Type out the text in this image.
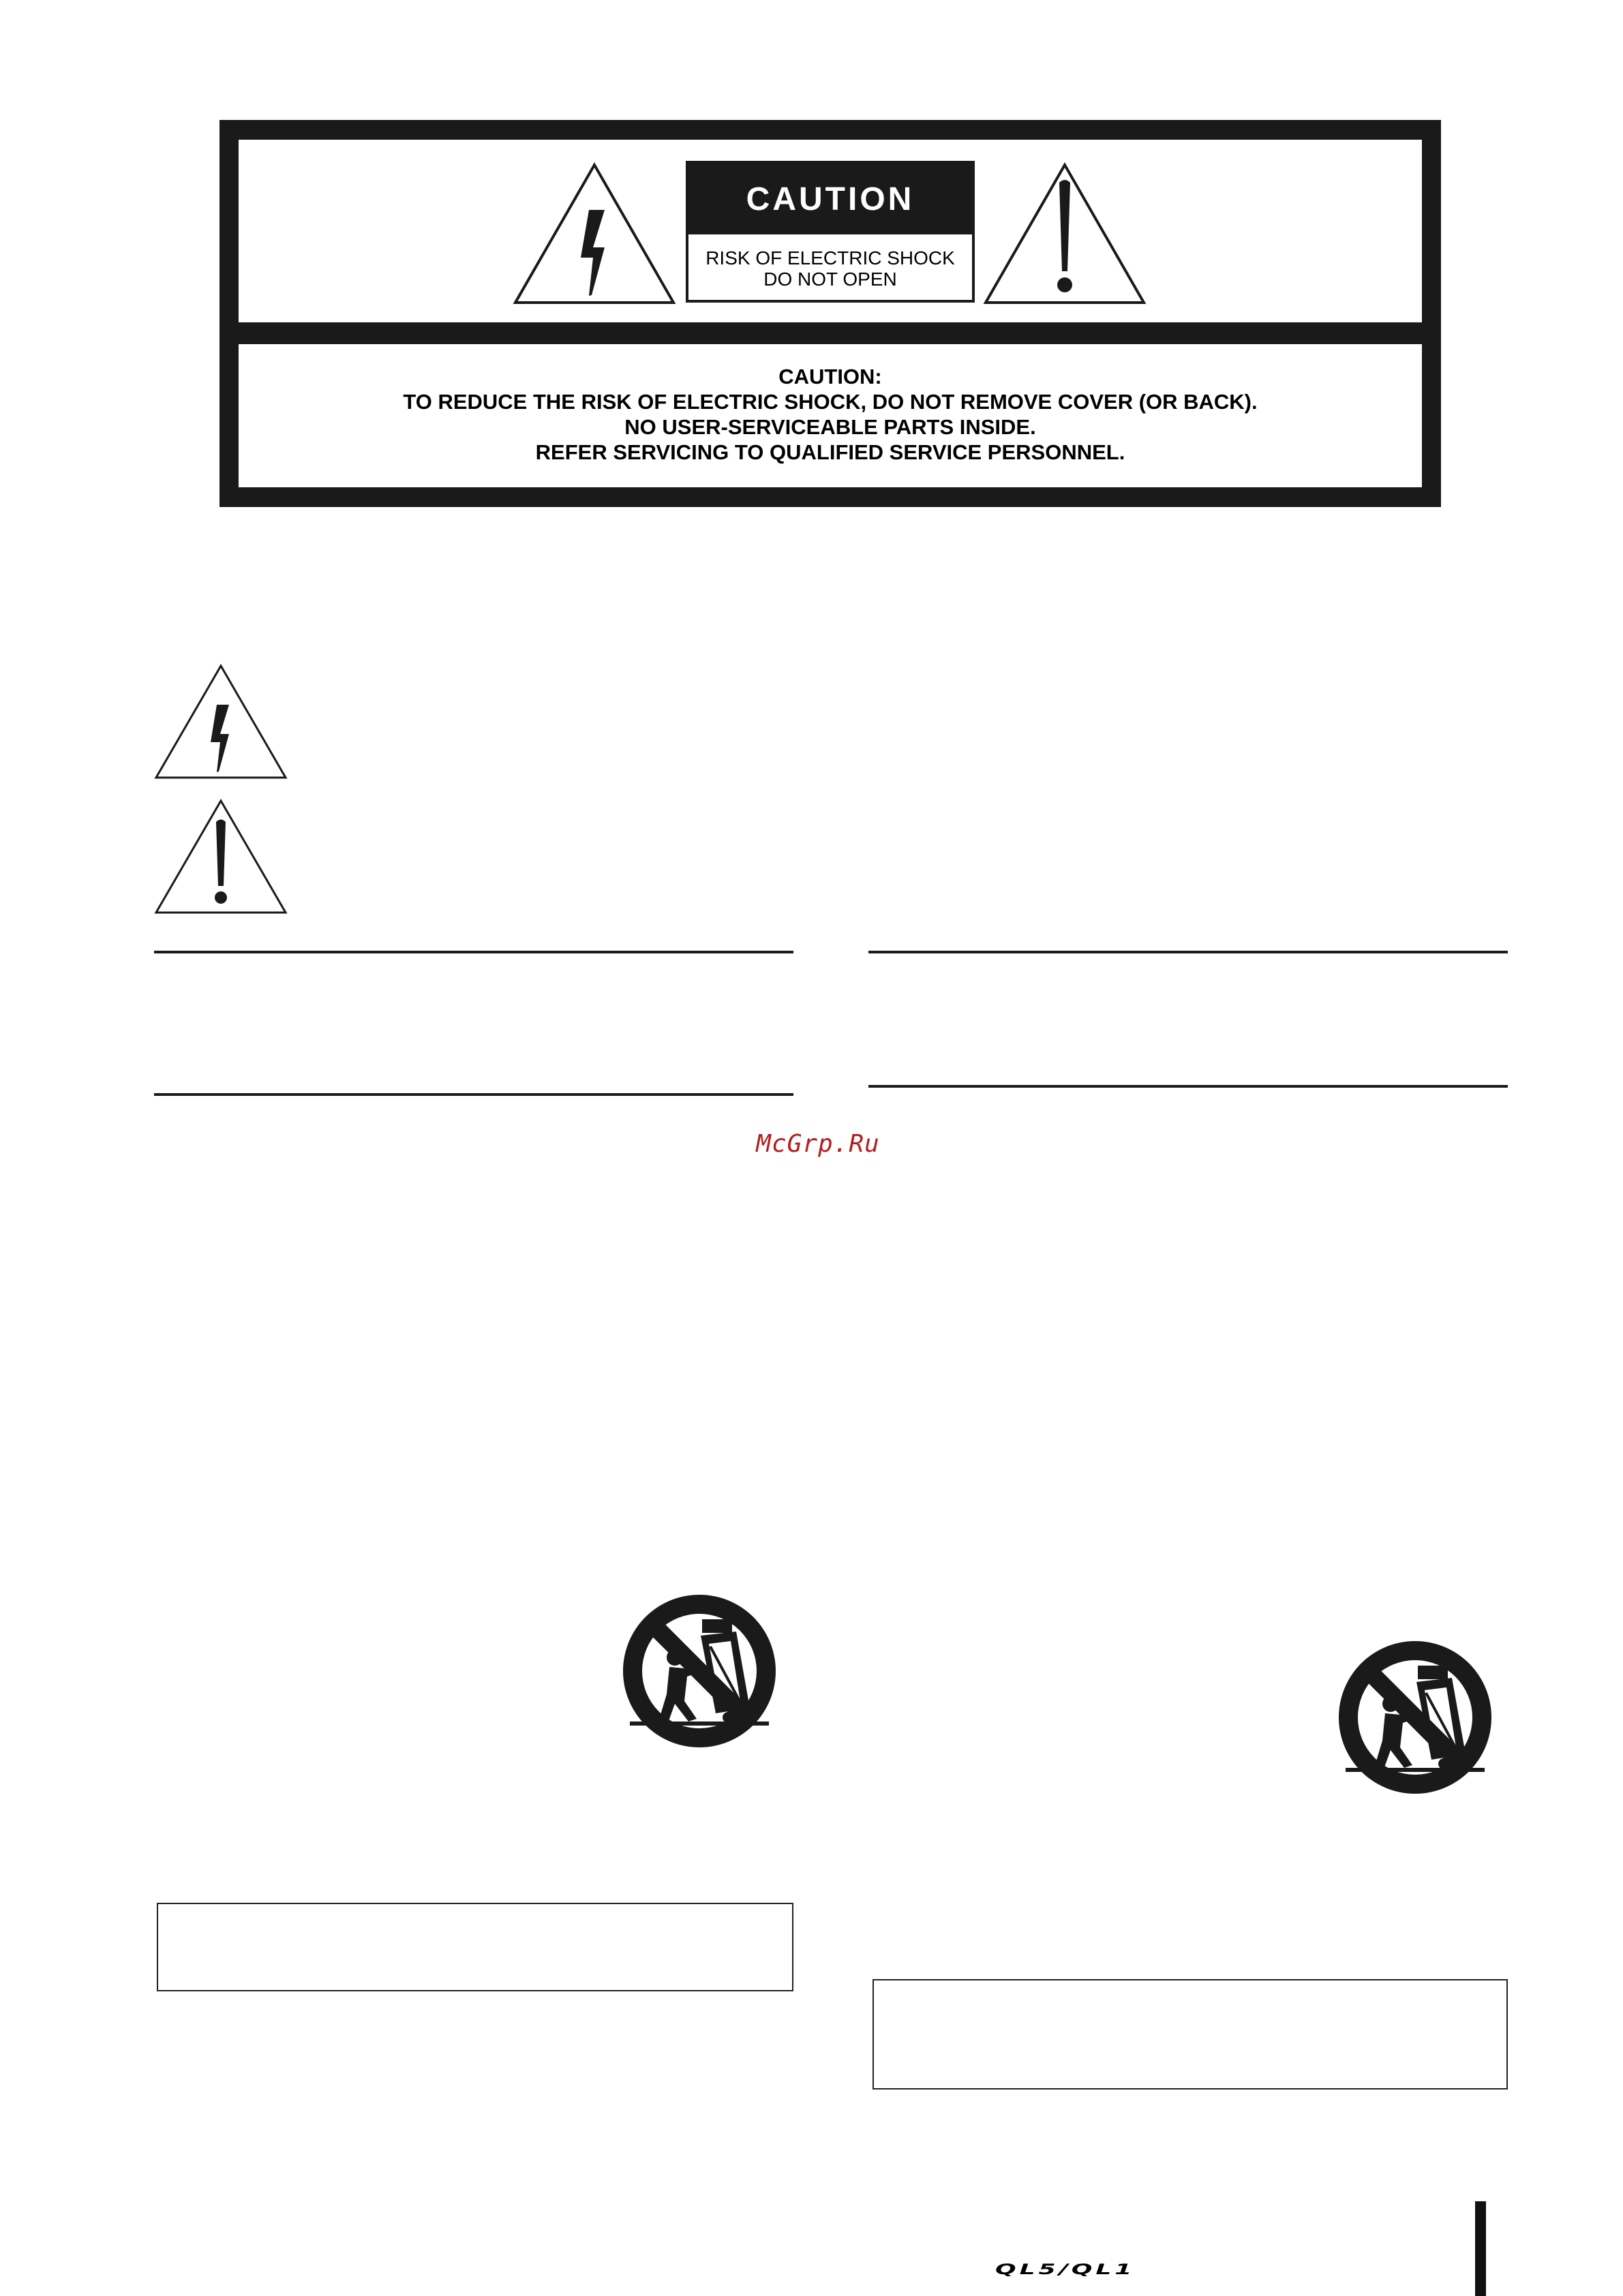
CAUTION
RISK OF ELECTRIC SHOCK
DO NOT OPEN
CAUTION:
TO REDUCE THE RISK OF ELECTRIC SHOCK, DO NOT REMOVE COVER (OR BACK).
NO USER-SERVICEABLE PARTS INSIDE.
REFER SERVICING TO QUALIFIED SERVICE PERSONNEL.
McGrp.Ru
QL5/QL1
